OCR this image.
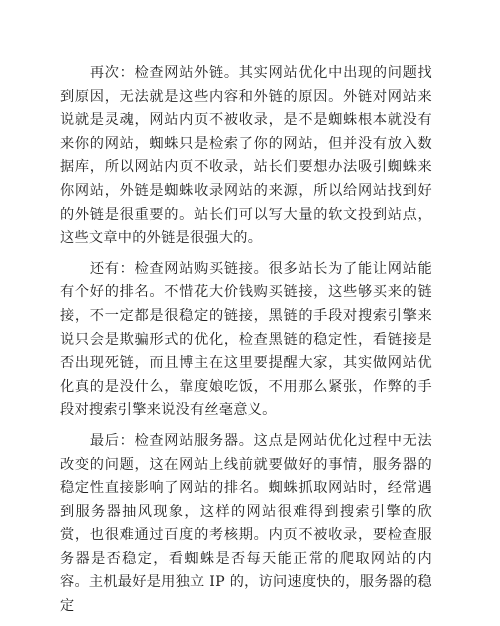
再次：检查网站外链。其实网站优化中出现的问题找到原因，无法就是这些内容和外链的原因。外链对网站来说就是灵魂，网站内页不被收录，是不是蜘蛛根本就没有来你的网站，蜘蛛只是检索了你的网站，但并没有放入数据库，所以网站内页不收录，站长们要想办法吸引蜘蛛来你网站，外链是蜘蛛收录网站的来源，所以给网站找到好的外链是很重要的。站长们可以写大量的软文投到站点，这些文章中的外链是很强大的。

还有：检查网站购买链接。很多站长为了能让网站能有个好的排名。不惜花大价钱购买链接，这些够买来的链接，不一定都是很稳定的链接，黑链的手段对搜索引擎来说只会是欺骗形式的优化，检查黑链的稳定性，看链接是否出现死链，而且博主在这里要提醒大家，其实做网站优化真的是没什么，靠度娘吃饭，不用那么紧张，作弊的手段对搜索引擎来说没有丝毫意义。

最后：检查网站服务器。这点是网站优化过程中无法改变的问题，这在网站上线前就要做好的事情，服务器的稳定性直接影响了网站的排名。蜘蛛抓取网站时，经常遇到服务器抽风现象，这样的网站很难得到搜索引擎的欣赏，也很难通过百度的考核期。内页不被收录，要检查服务器是否稳定，看蜘蛛是否每天能正常的爬取网站的内容。主机最好是用独立 IP 的，访问速度快的，服务器的稳定
